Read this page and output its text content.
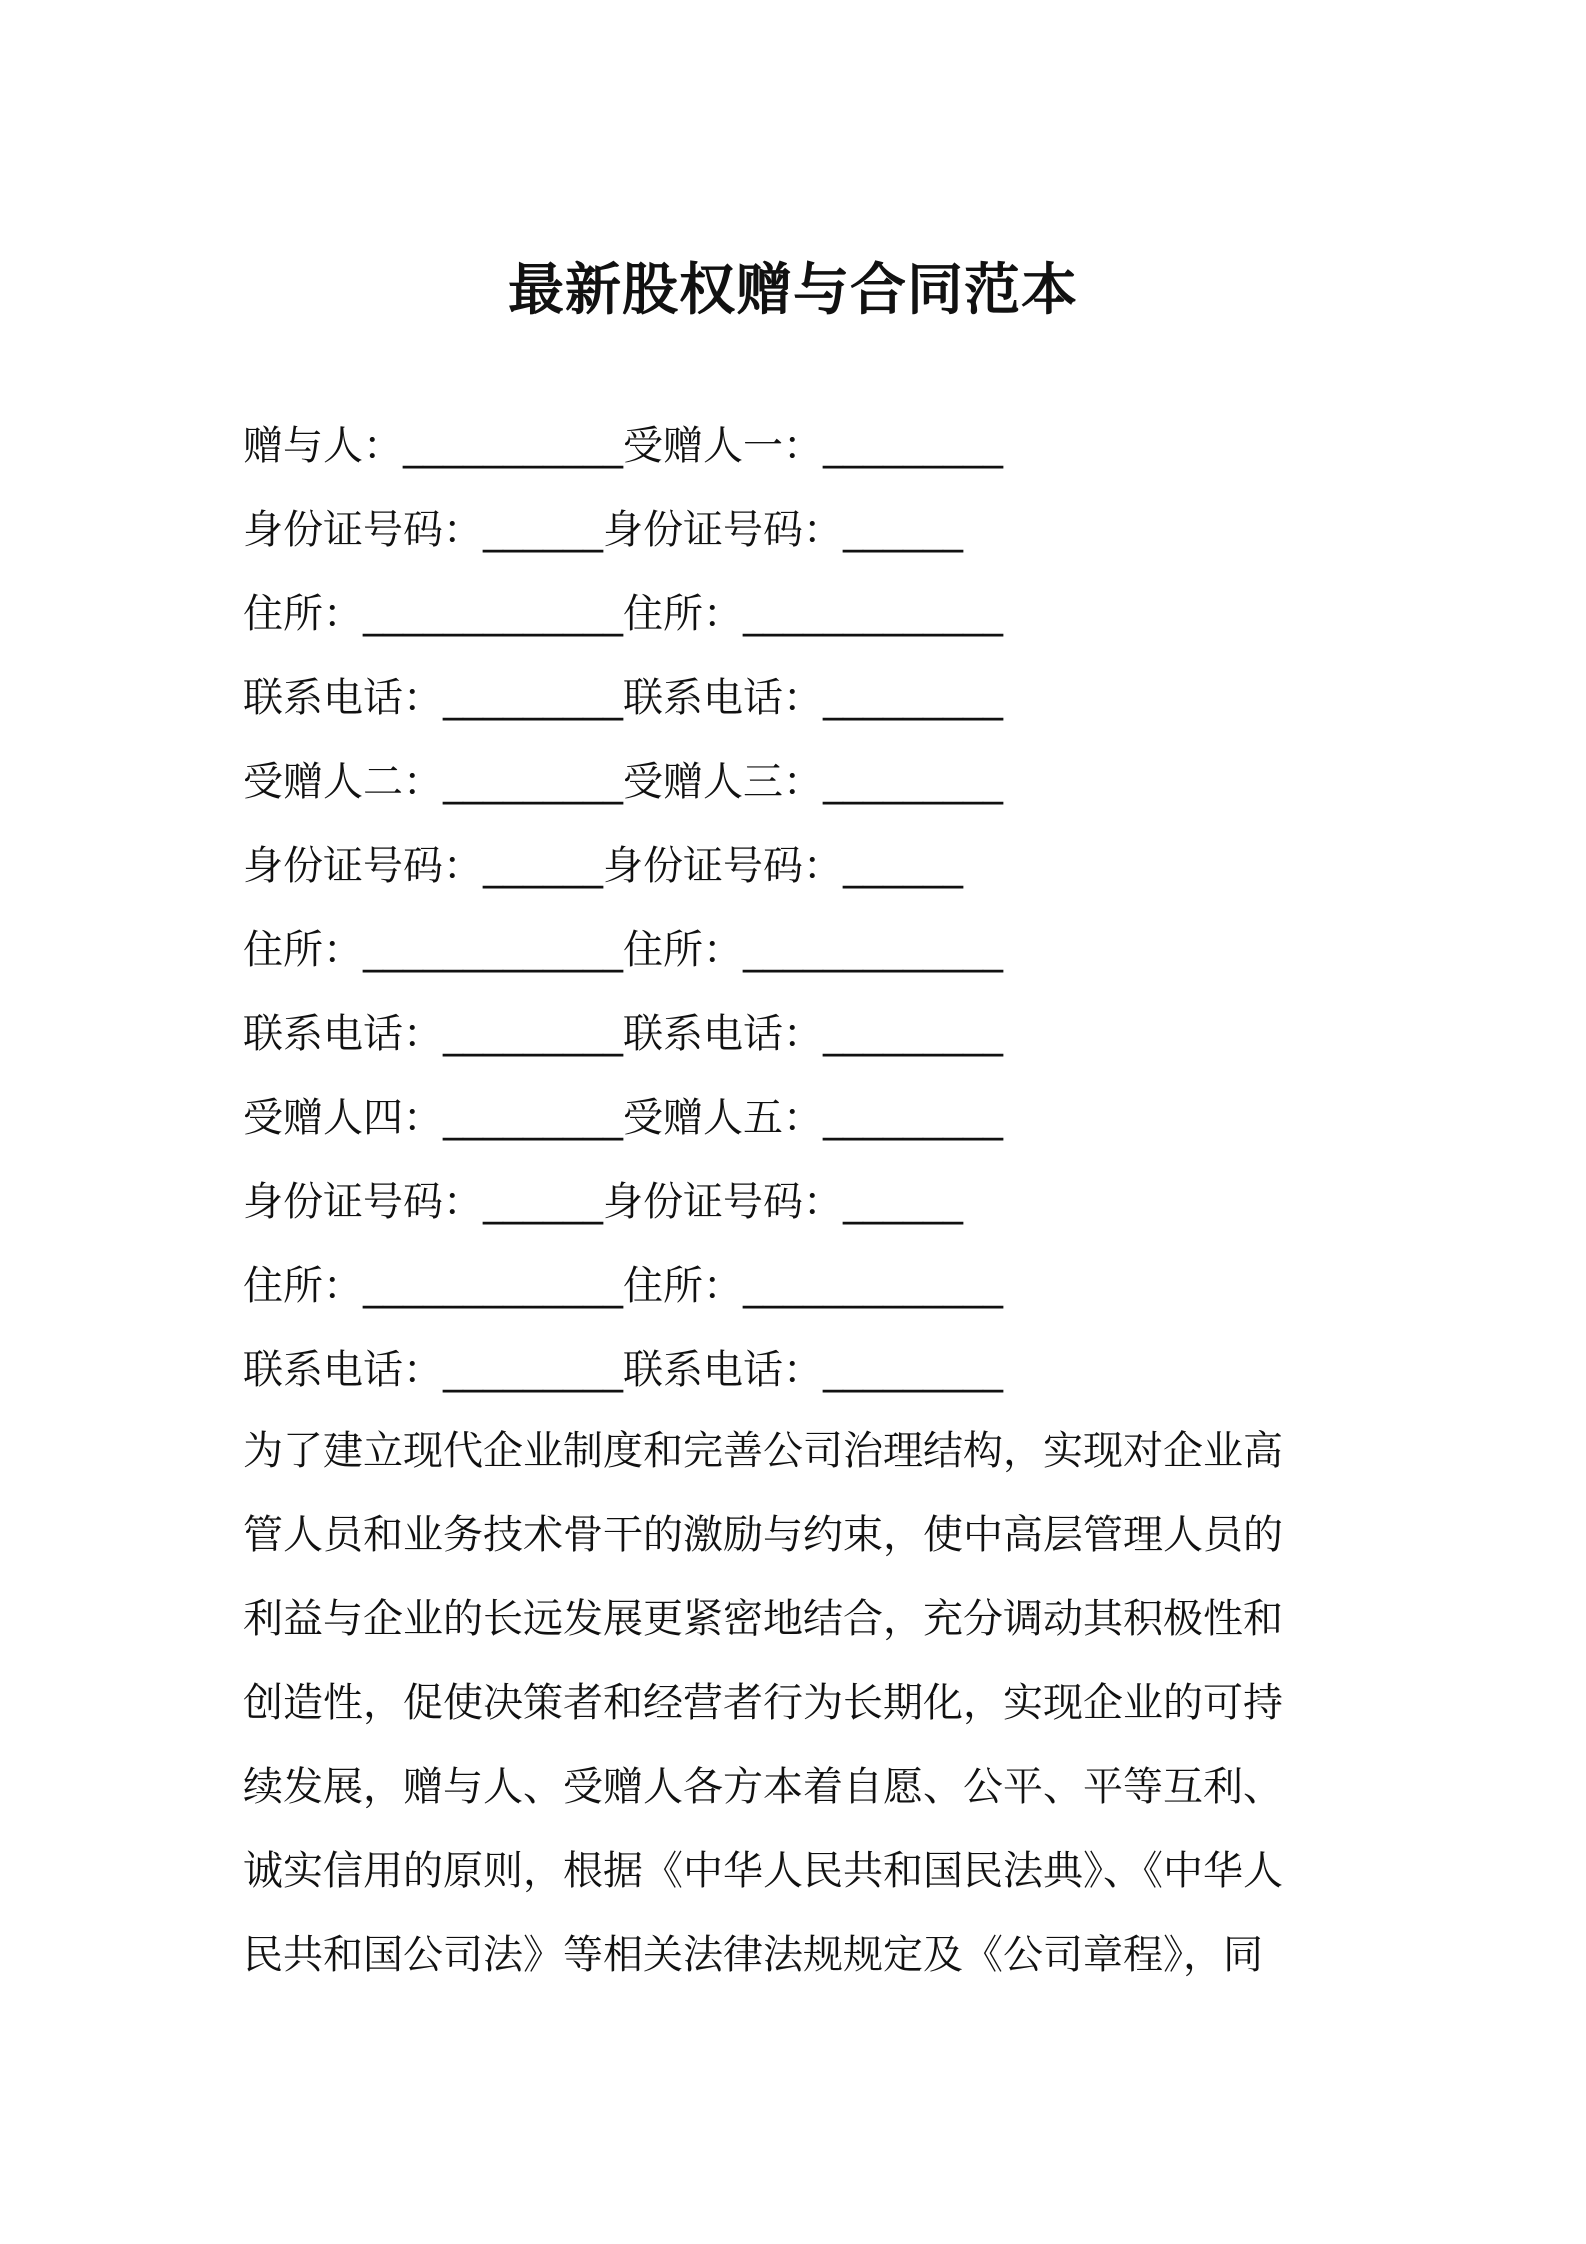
最新股权赠与合同范本
赠与人：___________受赠人一：_________
身份证号码：______身份证号码：______
住所：_____________住所：_____________
联系电话：_________联系电话：_________
受赠人二：_________受赠人三：_________
身份证号码：______身份证号码：______
住所：_____________住所：_____________
联系电话：_________联系电话：_________
受赠人四：_________受赠人五：_________
身份证号码：______身份证号码：______
住所：_____________住所：_____________
联系电话：_________联系电话：_________
为了建立现代企业制度和完善公司治理结构，实现对企业高
管人员和业务技术骨干的激励与约束，使中高层管理人员的
利益与企业的长远发展更紧密地结合，充分调动其积极性和
创造性，促使决策者和经营者行为长期化，实现企业的可持
续发展，赠与人、受赠人各方本着自愿、公平、平等互利、
诚实信用的原则，根据《中华人民共和国民法典》、《中华人
民共和国公司法》等相关法律法规规定及《公司章程》，同
